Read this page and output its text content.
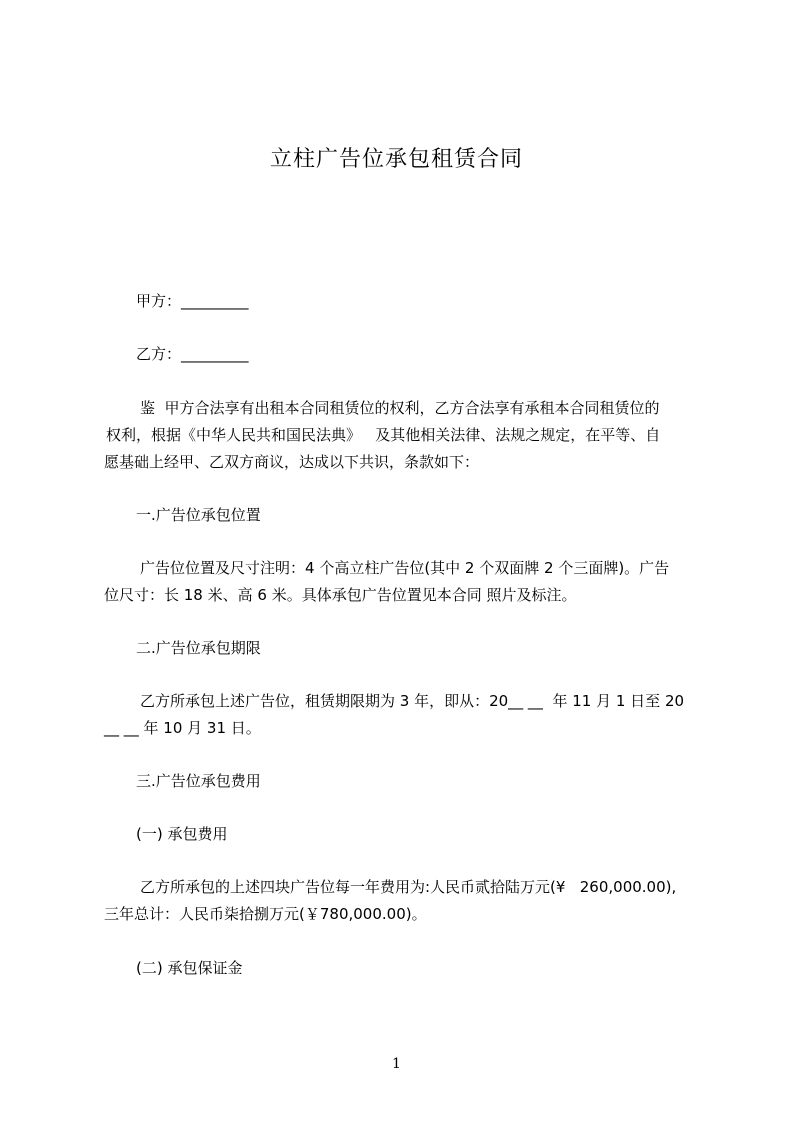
立柱广告位承包租赁合同
甲方：_________
乙方：_________
鉴  甲方合法享有出租本合同租赁位的权利，乙方合法享有承租本合同租赁位的
权利，根据《中华人民共和国民法典》   及其他相关法律、法规之规定，在平等、自
愿基础上经甲、乙双方商议，达成以下共识，条款如下：
一.广告位承包位置
广告位位置及尺寸注明：4 个高立柱广告位(其中 2 个双面牌 2 个三面牌)。广告
位尺寸：长 18 米、高 6 米。具体承包广告位置见本合同 照片及标注。
二.广告位承包期限
乙方所承包上述广告位，租赁期限期为 3 年，即从：20__ __  年 11 月 1 日至 20
__ __ 年 10 月 31 日。
三.广告位承包费用
(一) 承包费用
乙方所承包的上述四块广告位每一年费用为:人民币贰拾陆万元(¥   260,000.00),
三年总计：人民币柒拾捌万元(￥780,000.00)。
(二) 承包保证金
1
